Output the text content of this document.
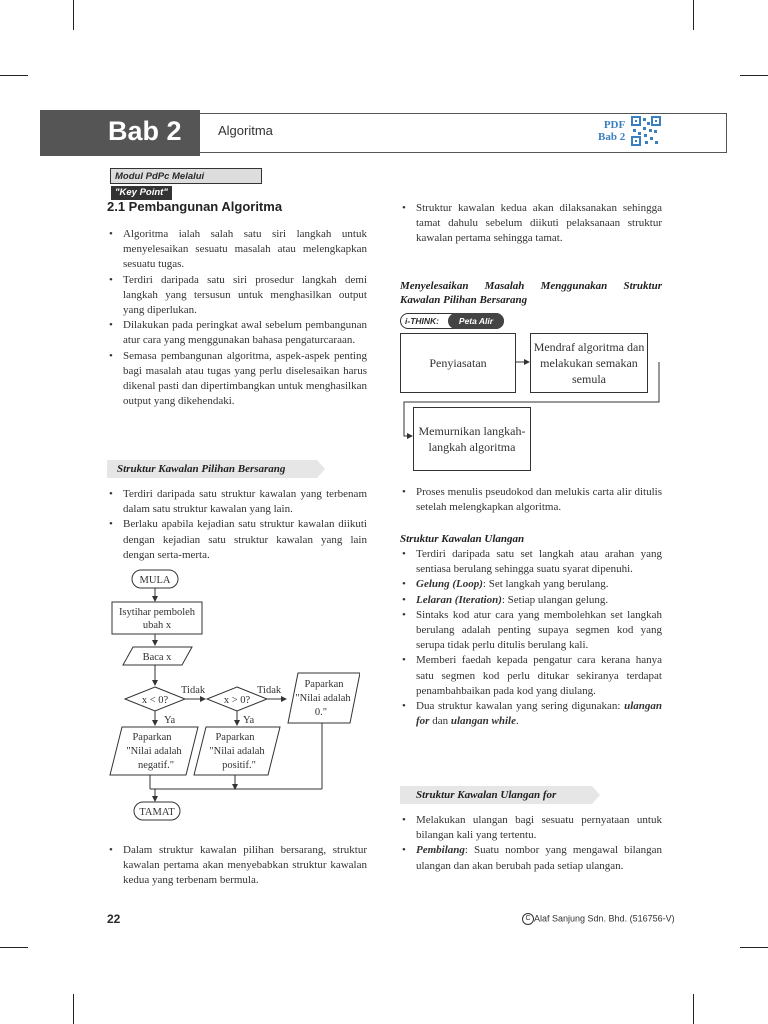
Bab 2	Algoritma	PDF
Bab 2
Modul PdPc Melalui "Key Point"
2.1 Pembangunan Algoritma
• Algoritma ialah salah satu siri langkah untuk menyelesaikan sesuatu masalah atau melengkapkan sesuatu tugas.
• Terdiri daripada satu siri prosedur langkah demi langkah yang tersusun untuk menghasilkan output yang diperlukan.
• Dilakukan pada peringkat awal sebelum pembangunan atur cara yang menggunakan bahasa pengaturcaraan.
• Semasa pembangunan algoritma, aspek-aspek penting bagi masalah atau tugas yang perlu diselesaikan harus dikenal pasti dan dipertimbangkan untuk menghasilkan output yang dikehendaki.
Struktur Kawalan Pilihan Bersarang
• Terdiri daripada satu struktur kawalan yang terbenam dalam satu struktur kawalan yang lain.
• Berlaku apabila kejadian satu struktur kawalan diikuti dengan kejadian satu struktur kawalan yang lain dengan serta-merta.
MULA
Isytihar pemboleh
ubah x
Baca x
x < 0?	x > 0?
Tidak	Tidak
Ya	Ya
Paparkan
"Nilai adalah
negatif."
Paparkan
"Nilai adalah
positif."
Paparkan
"Nilai adalah
0."
TAMAT
• Dalam struktur kawalan pilihan bersarang, struktur kawalan pertama akan menyebabkan struktur kawalan kedua yang terbenam bermula.
• Struktur kawalan kedua akan dilaksanakan sehingga tamat dahulu sebelum diikuti pelaksanaan struktur kawalan pertama sehingga tamat.
Menyelesaikan Masalah Menggunakan Struktur Kawalan Pilihan Bersarang
i-THINK:	Peta Alir
Penyiasatan
Mendraf algoritma dan melakukan semakan semula
Memurnikan langkah-langkah algoritma
• Proses menulis pseudokod dan melukis carta alir ditulis setelah melengkapkan algoritma.
Struktur Kawalan Ulangan
• Terdiri daripada satu set langkah atau arahan yang sentiasa berulang sehingga suatu syarat dipenuhi.
• Gelung (Loop): Set langkah yang berulang.
• Lelaran (Iteration): Setiap ulangan gelung.
• Sintaks kod atur cara yang membolehkan set langkah berulang adalah penting supaya segmen kod yang serupa tidak perlu ditulis berulang kali.
• Memberi faedah kepada pengatur cara kerana hanya satu segmen kod perlu ditukar sekiranya terdapat penambahbaikan pada kod yang diulang.
• Dua struktur kawalan yang sering digunakan: ulangan for dan ulangan while.
Struktur Kawalan Ulangan for
• Melakukan ulangan bagi sesuatu pernyataan untuk bilangan kali yang tertentu.
• Pembilang: Suatu nombor yang mengawal bilangan ulangan dan akan berubah pada setiap ulangan.
22	C Alaf Sanjung Sdn. Bhd. (516756-V)
